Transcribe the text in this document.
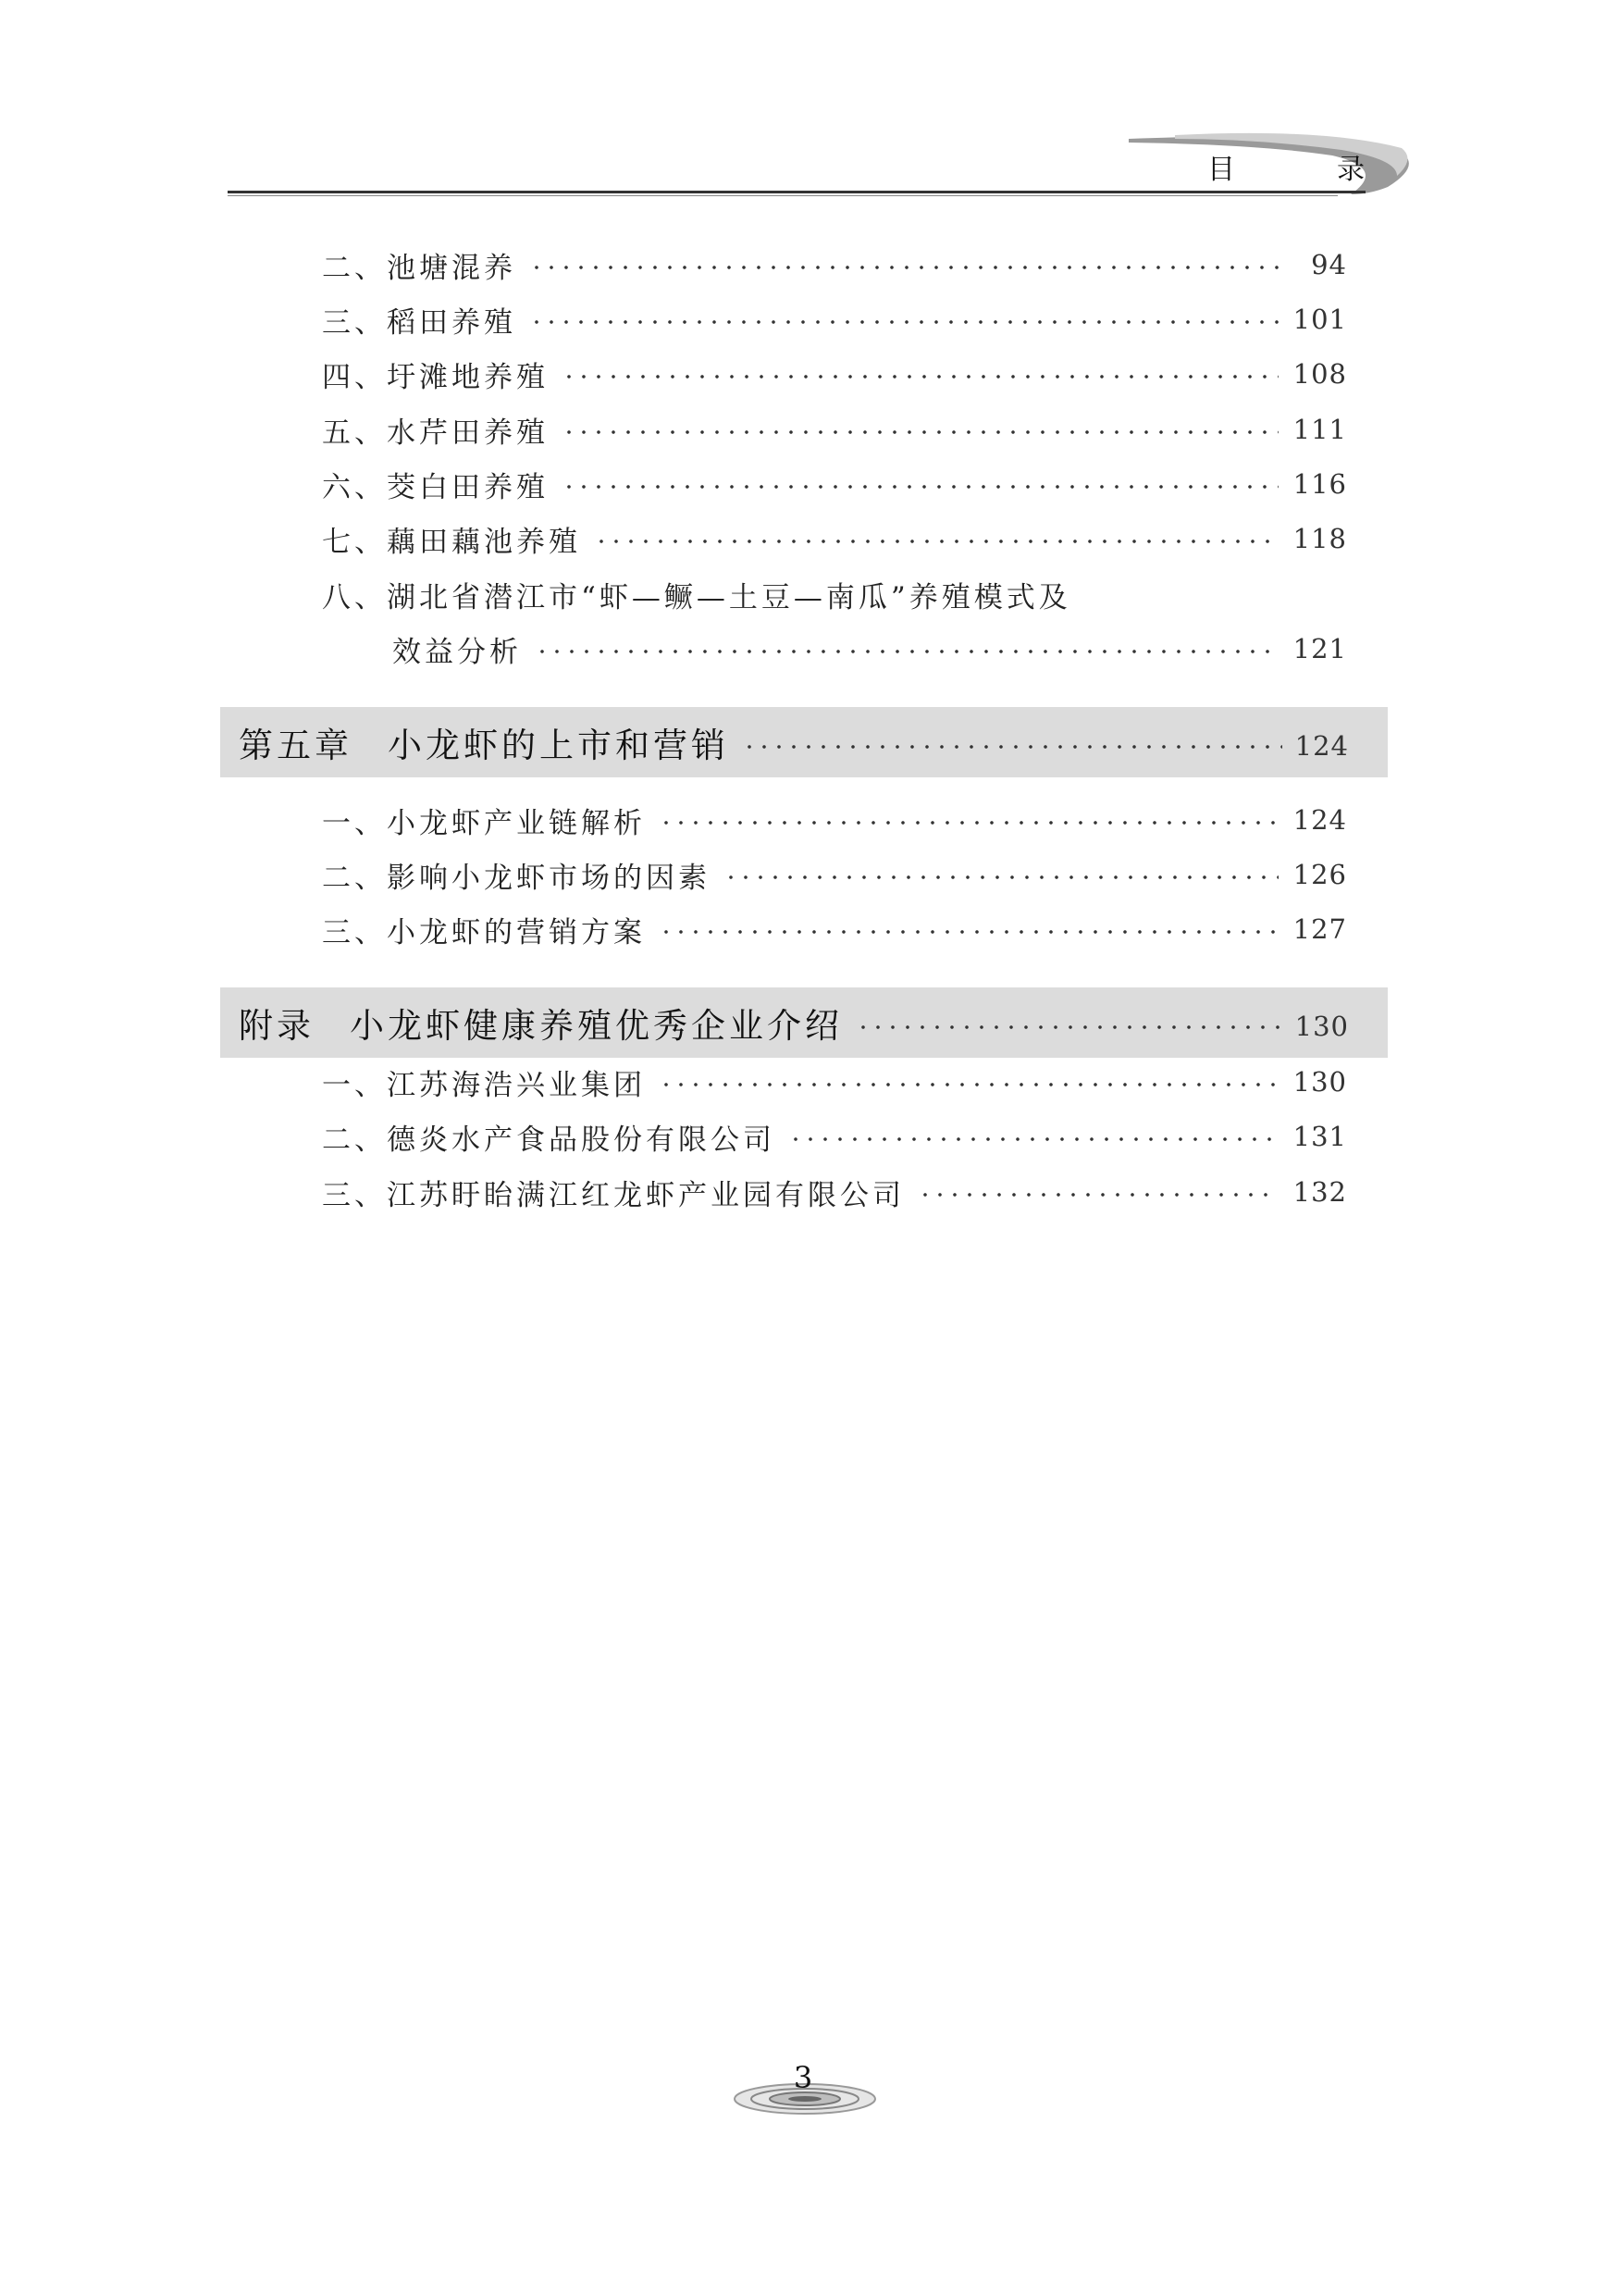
目	录
二、池塘混养	94
三、稻田养殖	101
四、圩滩地养殖	108
五、水芹田养殖	111
六、茭白田养殖	116
七、藕田藕池养殖	118
八、湖北省潜江市“虾—鳜—土豆—南瓜”养殖模式及
效益分析	121
第五章 小龙虾的上市和营销	124
一、小龙虾产业链解析	124
二、影响小龙虾市场的因素	126
三、小龙虾的营销方案	127
附录 小龙虾健康养殖优秀企业介绍	130
一、江苏海浩兴业集团	130
二、德炎水产食品股份有限公司	131
三、江苏盱眙满江红龙虾产业园有限公司	132
3
